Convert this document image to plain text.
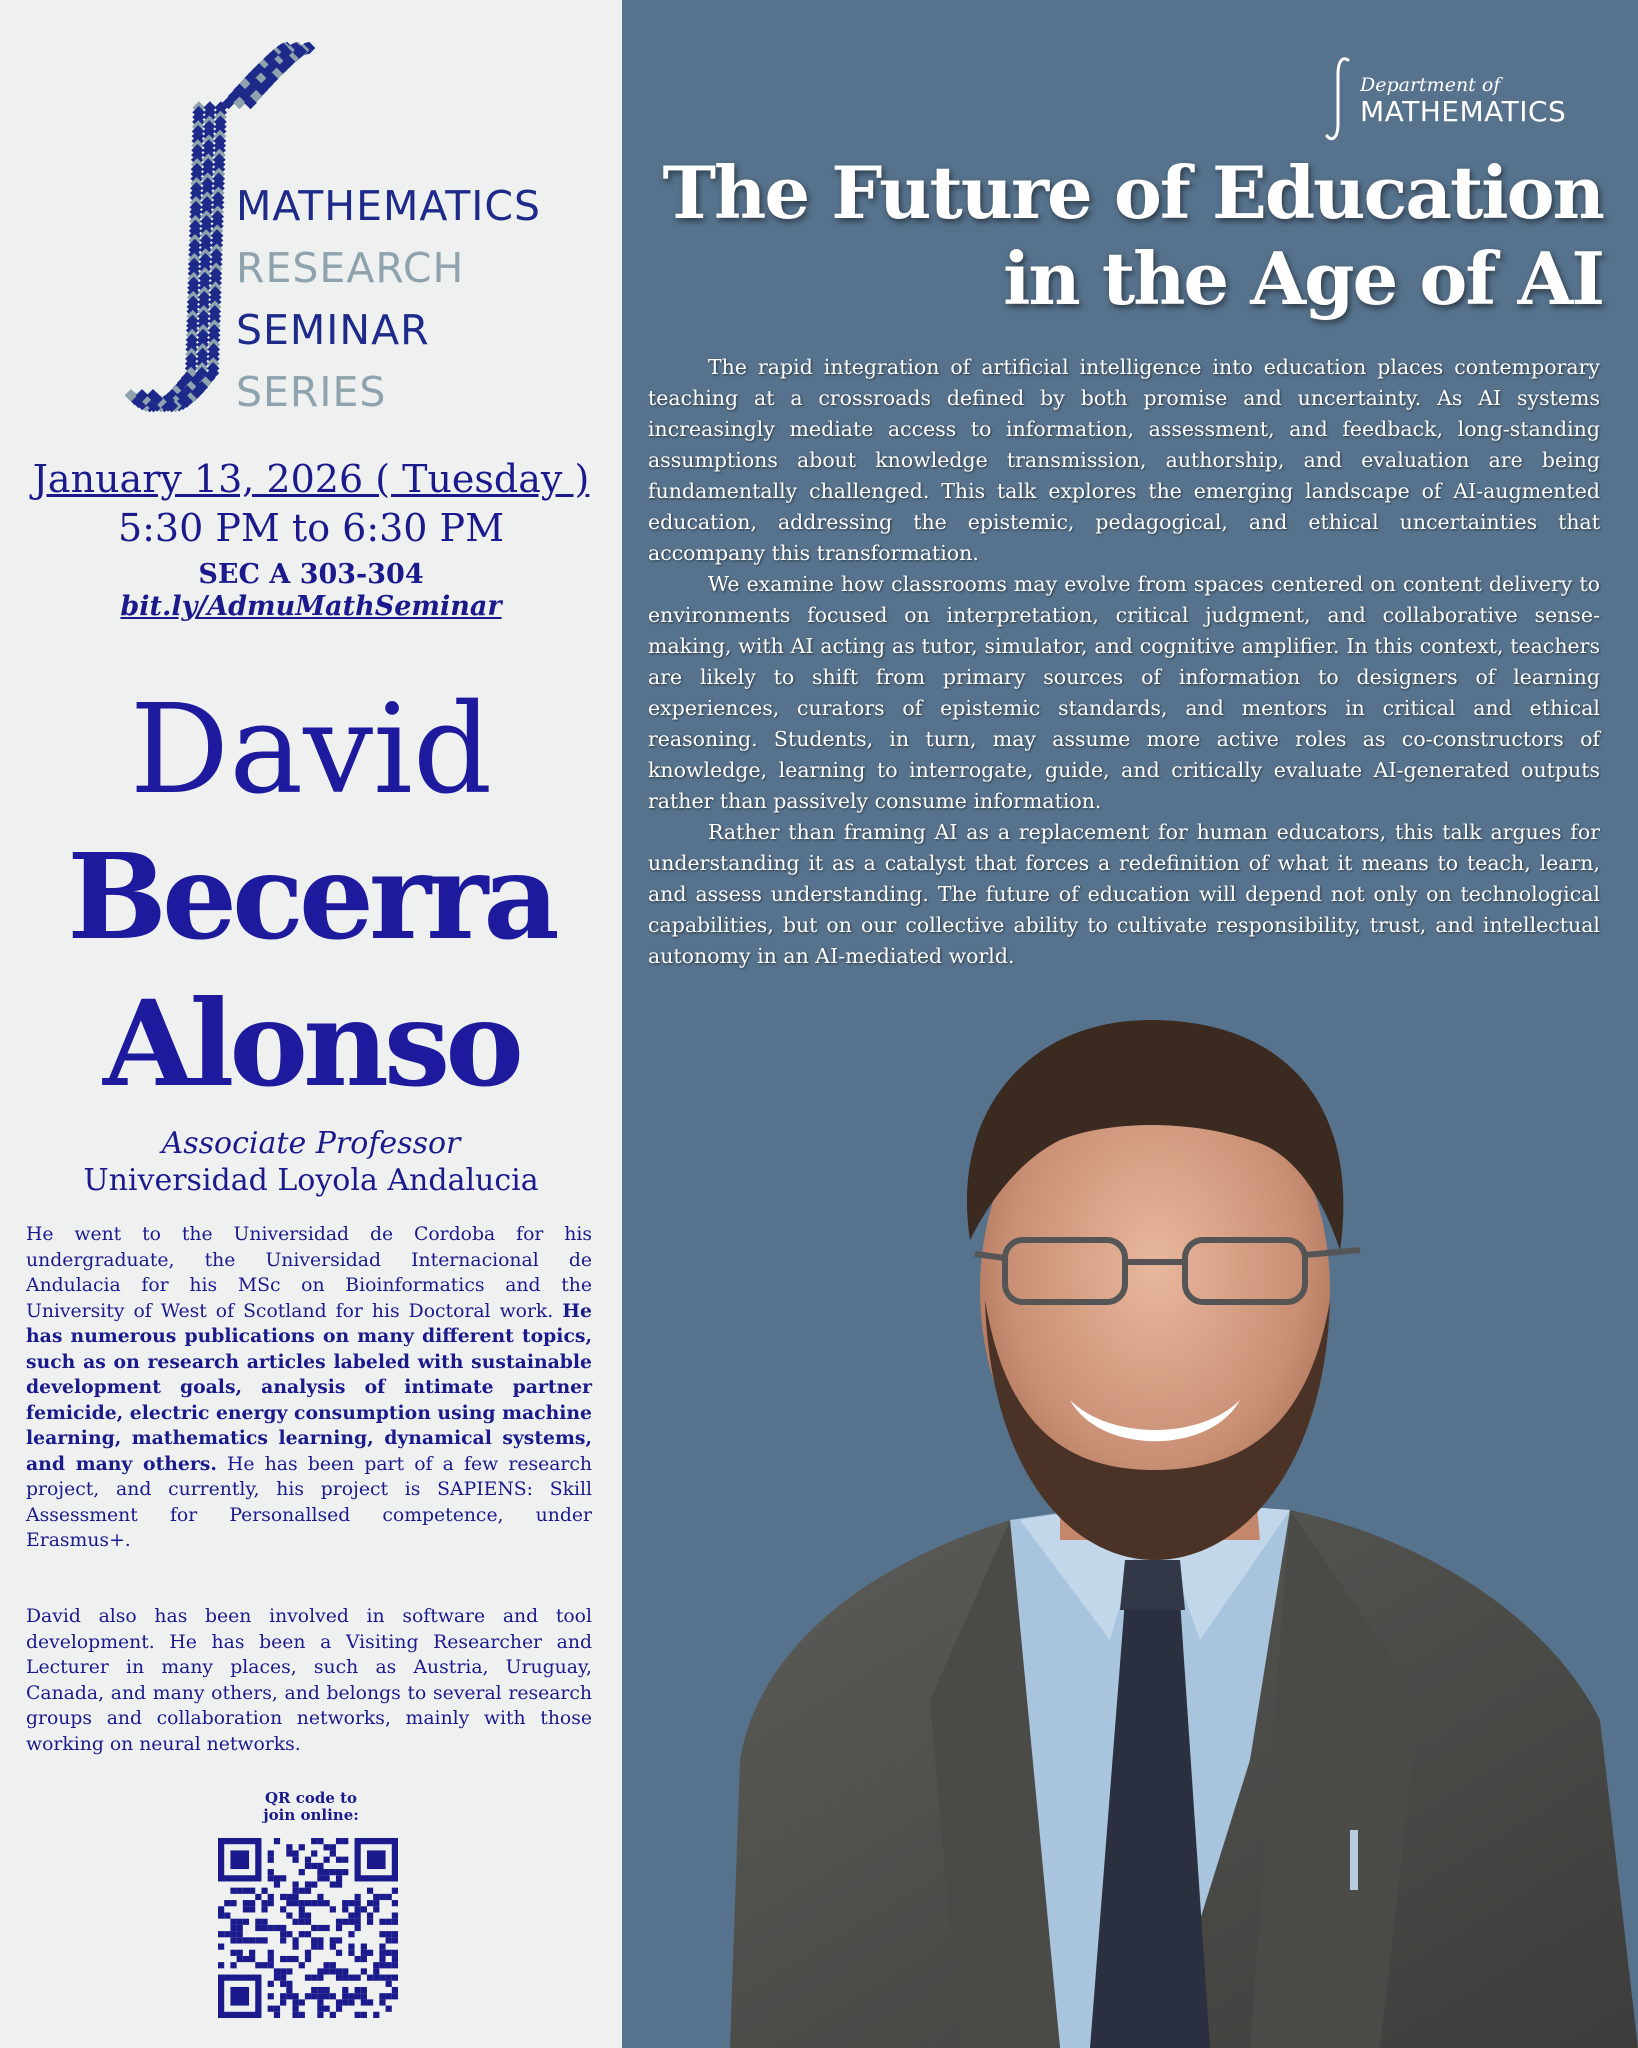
MATHEMATICS
RESEARCH
SEMINAR
SERIES
January 13, 2026 ( Tuesday )
5:30 PM to 6:30 PM
SEC A 303-304
bit.ly/AdmuMathSeminar
David
Becerra
Alonso
Associate Professor
Universidad Loyola Andalucia

He went to the Universidad de Cordoba for his undergraduate, the Universidad Internacional de Andulacia for his MSc on Bioinformatics and the University of West of Scotland for his Doctoral work. He has numerous publications on many different topics, such as on research articles labeled with sustainable development goals, analysis of intimate partner femicide, electric energy consumption using machine learning, mathematics learning, dynamical systems, and many others. He has been part of a few research project, and currently, his project is SAPIENS: Skill Assessment for Personallsed competence, under Erasmus+.

David also has been involved in software and tool development. He has been a Visiting Researcher and Lecturer in many places, such as Austria, Uruguay, Canada, and many others, and belongs to several research groups and collaboration networks, mainly with those working on neural networks.

QR code to
join online:
Department of
MATHEMATICS
The Future of Education
in the Age of AI

The rapid integration of artificial intelligence into education places contemporary teaching at a crossroads defined by both promise and uncertainty. As AI systems increasingly mediate access to information, assessment, and feedback, long-standing assumptions about knowledge transmission, authorship, and evaluation are being fundamentally challenged. This talk explores the emerging landscape of AI-augmented education, addressing the epistemic, pedagogical, and ethical uncertainties that accompany this transformation.

We examine how classrooms may evolve from spaces centered on content delivery to environments focused on interpretation, critical judgment, and collaborative sense-making, with AI acting as tutor, simulator, and cognitive amplifier. In this context, teachers are likely to shift from primary sources of information to designers of learning experiences, curators of epistemic standards, and mentors in critical and ethical reasoning. Students, in turn, may assume more active roles as co-constructors of knowledge, learning to interrogate, guide, and critically evaluate AI-generated outputs rather than passively consume information.

Rather than framing AI as a replacement for human educators, this talk argues for understanding it as a catalyst that forces a redefinition of what it means to teach, learn, and assess understanding. The future of education will depend not only on technological capabilities, but on our collective ability to cultivate responsibility, trust, and intellectual autonomy in an AI-mediated world.
